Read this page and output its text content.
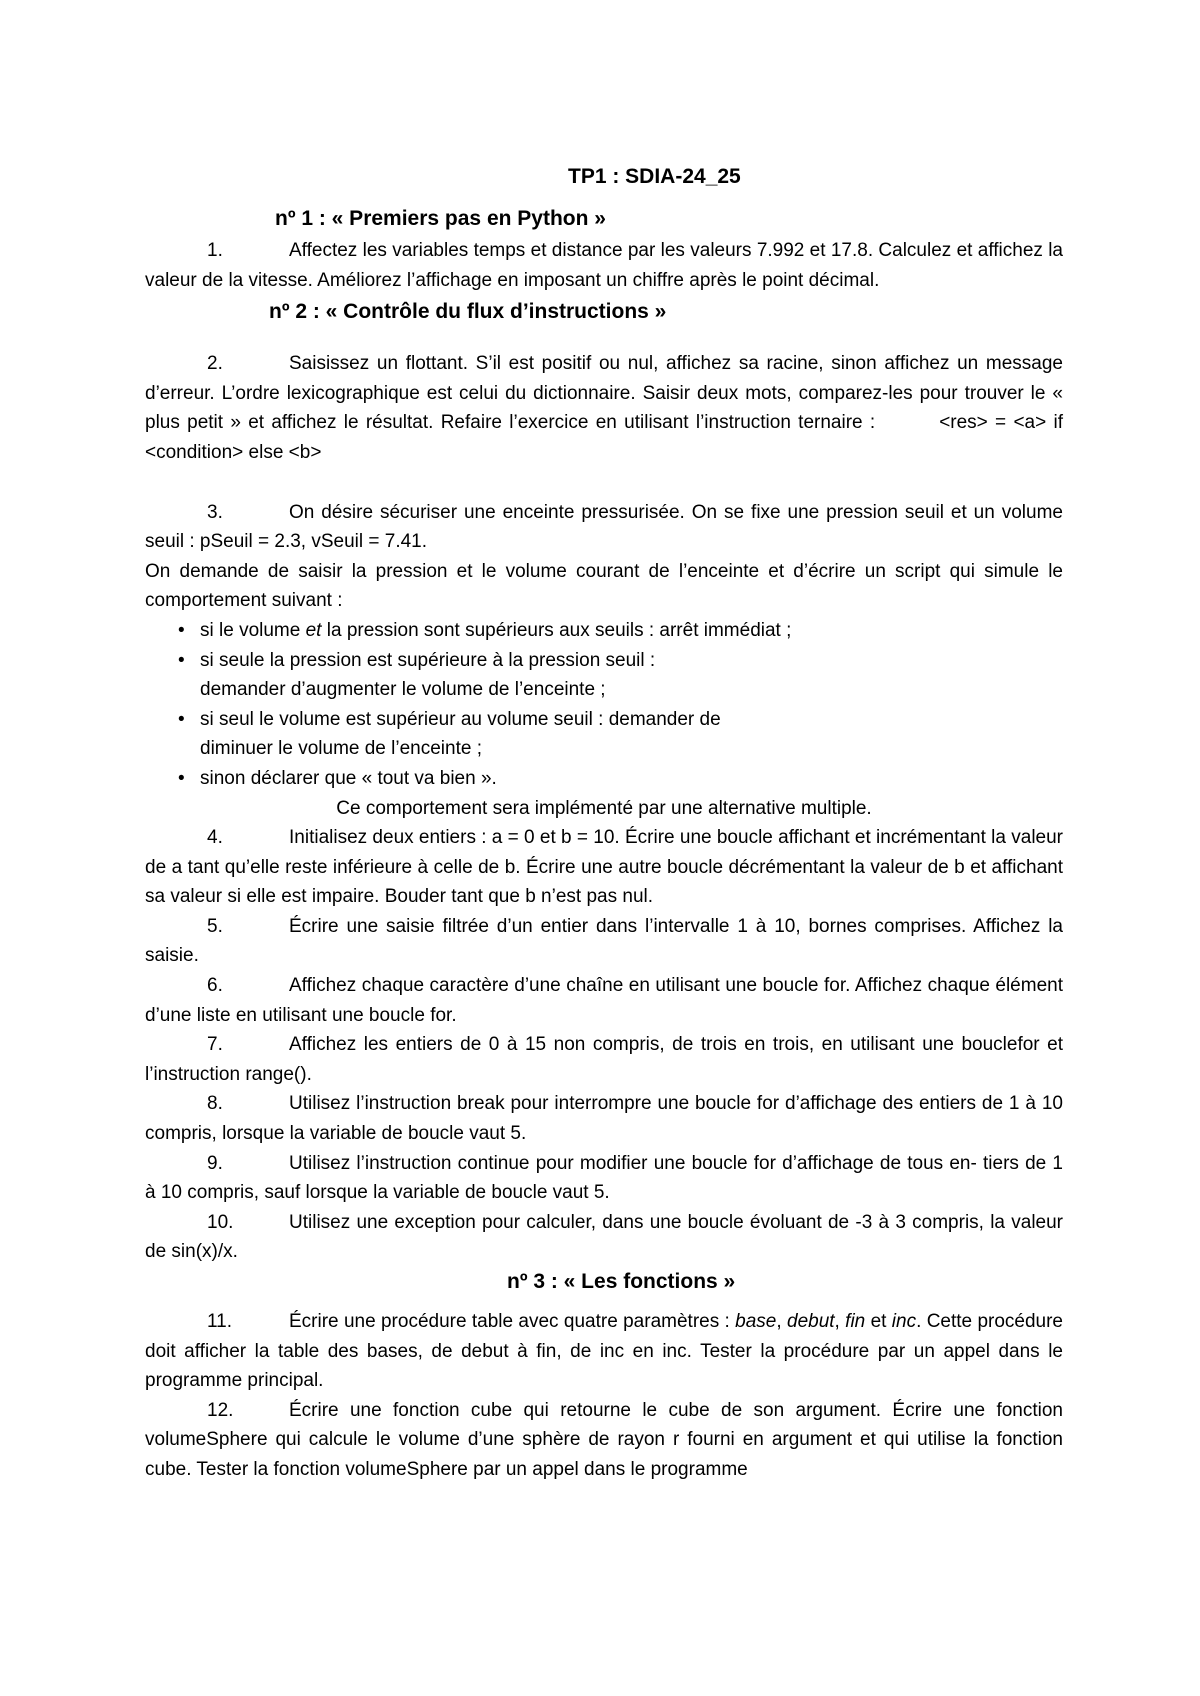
TP1 : SDIA-24_25
nº 1 : « Premiers pas en Python »
1.	Affectez les variables temps et distance par les valeurs 7.992 et 17.8. Calculez et affichez la valeur de la vitesse. Améliorez l’affichage en imposant un chiffre après le point décimal.
nº 2 : « Contrôle du flux d’instructions »
2.	Saisissez un flottant. S’il est positif ou nul, affichez sa racine, sinon affichez un message d’erreur. L’ordre lexicographique est celui du dictionnaire. Saisir deux mots, comparez-les pour trouver le « plus petit » et affichez le résultat. Refaire l’exercice en utilisant l’instruction ternaire :	<res> = <a> if <condition> else <b>
3.	On désire sécuriser une enceinte pressurisée. On se fixe une pression seuil et un volume seuil : pSeuil = 2.3, vSeuil = 7.41.
On demande de saisir la pression et le volume courant de l’enceinte et d’écrire un script qui simule le comportement suivant :
• si le volume et la pression sont supérieurs aux seuils : arrêt immédiat ;
• si seule la pression est supérieure à la pression seuil : demander d’augmenter le volume de l’enceinte ;
• si seul le volume est supérieur au volume seuil : demander de diminuer le volume de l’enceinte ;
• sinon déclarer que « tout va bien ».
Ce comportement sera implémenté par une alternative multiple.
4.	Initialisez deux entiers : a = 0 et b = 10. Écrire une boucle affichant et incrémentant la valeur de a tant qu’elle reste inférieure à celle de b. Écrire une autre boucle décrémentant la valeur de b et affichant sa valeur si elle est impaire. Bouder tant que b n’est pas nul.
5.	Écrire une saisie filtrée d’un entier dans l’intervalle 1 à 10, bornes comprises. Affichez la saisie.
6.	Affichez chaque caractère d’une chaîne en utilisant une boucle for. Affichez chaque élément d’une liste en utilisant une boucle for.
7.	Affichez les entiers de 0 à 15 non compris, de trois en trois, en utilisant une bouclefor et l’instruction range().
8.	Utilisez l’instruction break pour interrompre une boucle for d’affichage des entiers de 1 à 10 compris, lorsque la variable de boucle vaut 5.
9.	Utilisez l’instruction continue pour modifier une boucle for d’affichage de tous en- tiers de 1 à 10 compris, sauf lorsque la variable de boucle vaut 5.
10.	Utilisez une exception pour calculer, dans une boucle évoluant de -3 à 3 compris, la valeur de sin(x)/x.
nº 3 : « Les fonctions »
11.	Écrire une procédure table avec quatre paramètres : base, debut, fin et inc. Cette procédure doit afficher la table des bases, de debut à fin, de inc en inc. Tester la procédure par un appel dans le programme principal.
12.	Écrire une fonction cube qui retourne le cube de son argument. Écrire une fonction volumeSphere qui calcule le volume d’une sphère de rayon r fourni en argument et qui utilise la fonction cube. Tester la fonction volumeSphere par un appel dans le programme
